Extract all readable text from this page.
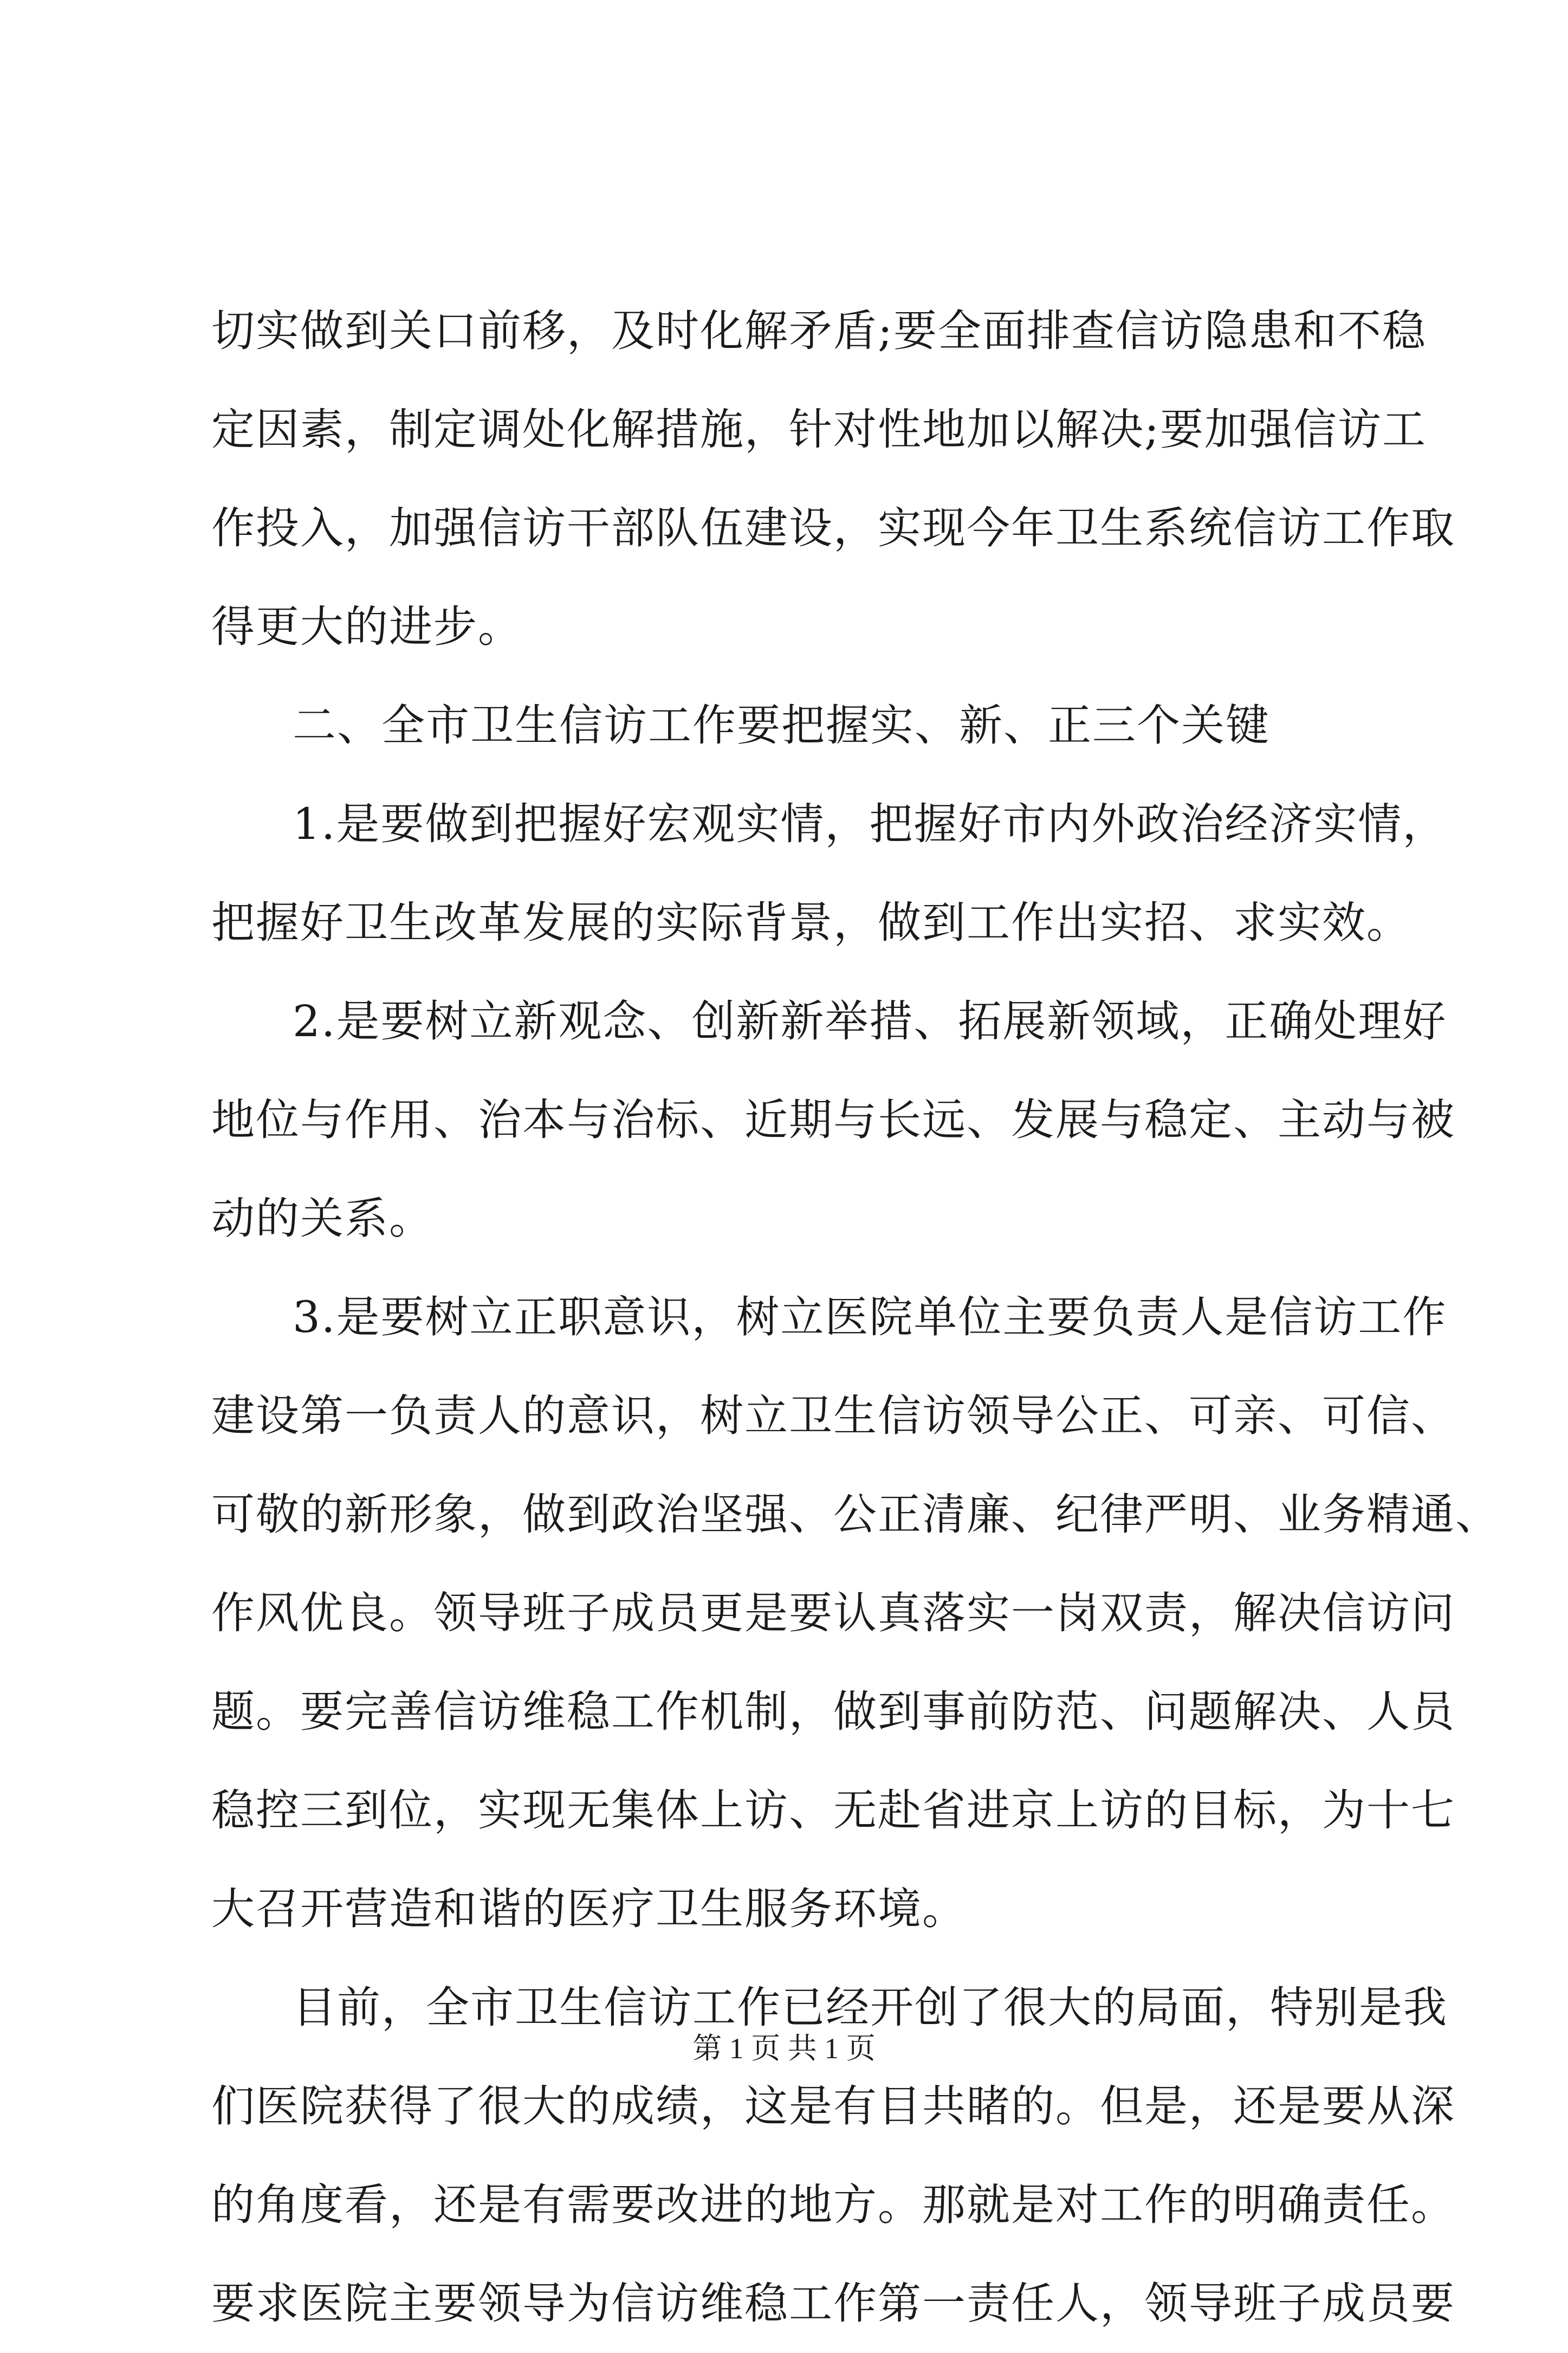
切实做到关口前移，及时化解矛盾;要全面排查信访隐患和不稳
定因素，制定调处化解措施，针对性地加以解决;要加强信访工
作投入，加强信访干部队伍建设，实现今年卫生系统信访工作取
得更大的进步。
二、全市卫生信访工作要把握实、新、正三个关键
1.是要做到把握好宏观实情，把握好市内外政治经济实情，
把握好卫生改革发展的实际背景，做到工作出实招、求实效。
2.是要树立新观念、创新新举措、拓展新领域，正确处理好
地位与作用、治本与治标、近期与长远、发展与稳定、主动与被
动的关系。
3.是要树立正职意识，树立医院单位主要负责人是信访工作
建设第一负责人的意识，树立卫生信访领导公正、可亲、可信、
可敬的新形象，做到政治坚强、公正清廉、纪律严明、业务精通、
作风优良。领导班子成员更是要认真落实一岗双责，解决信访问
题。要完善信访维稳工作机制，做到事前防范、问题解决、人员
稳控三到位，实现无集体上访、无赴省进京上访的目标，为十七
大召开营造和谐的医疗卫生服务环境。
目前，全市卫生信访工作已经开创了很大的局面，特别是我
们医院获得了很大的成绩，这是有目共睹的。但是，还是要从深
的角度看，还是有需要改进的地方。那就是对工作的明确责任。
要求医院主要领导为信访维稳工作第一责任人，领导班子成员要
第 1 页 共 1 页
